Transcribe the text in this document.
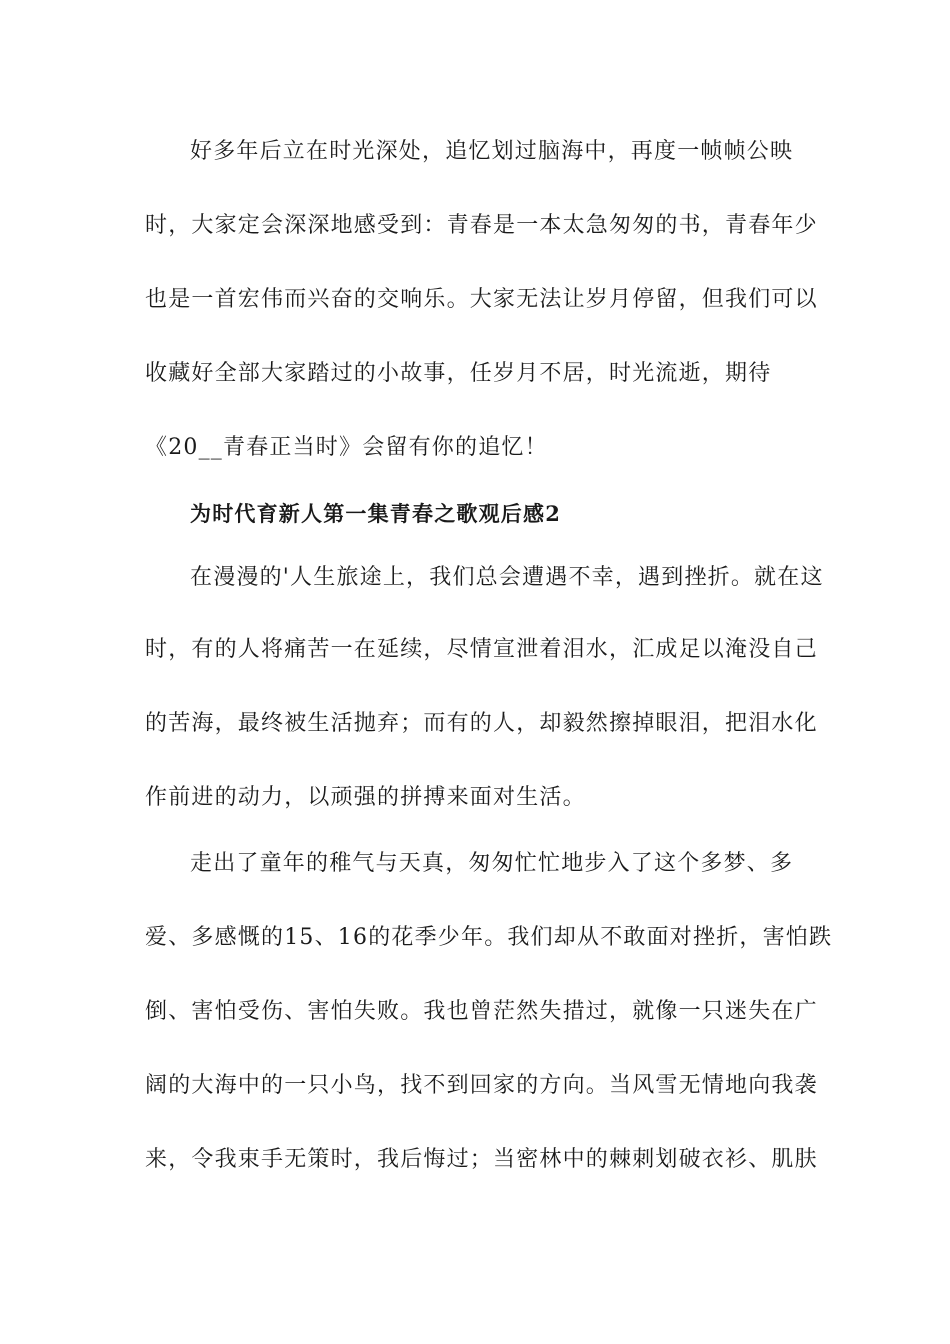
好多年后立在时光深处，追忆划过脑海中，再度一帧帧公映
时，大家定会深深地感受到：青春是一本太急匆匆的书，青春年少
也是一首宏伟而兴奋的交响乐。大家无法让岁月停留，但我们可以
收藏好全部大家踏过的小故事，任岁月不居，时光流逝，期待
《20__青春正当时》会留有你的追忆！
为时代育新人第一集青春之歌观后感2
在漫漫的'人生旅途上，我们总会遭遇不幸，遇到挫折。就在这
时，有的人将痛苦一在延续，尽情宣泄着泪水，汇成足以淹没自己
的苦海，最终被生活抛弃；而有的人，却毅然擦掉眼泪，把泪水化
作前进的动力，以顽强的拼搏来面对生活。
走出了童年的稚气与天真，匆匆忙忙地步入了这个多梦、多
爱、多感慨的15、16的花季少年。我们却从不敢面对挫折，害怕跌
倒、害怕受伤、害怕失败。我也曾茫然失措过，就像一只迷失在广
阔的大海中的一只小鸟，找不到回家的方向。当风雪无情地向我袭
来，令我束手无策时，我后悔过；当密林中的棘刺划破衣衫、肌肤
